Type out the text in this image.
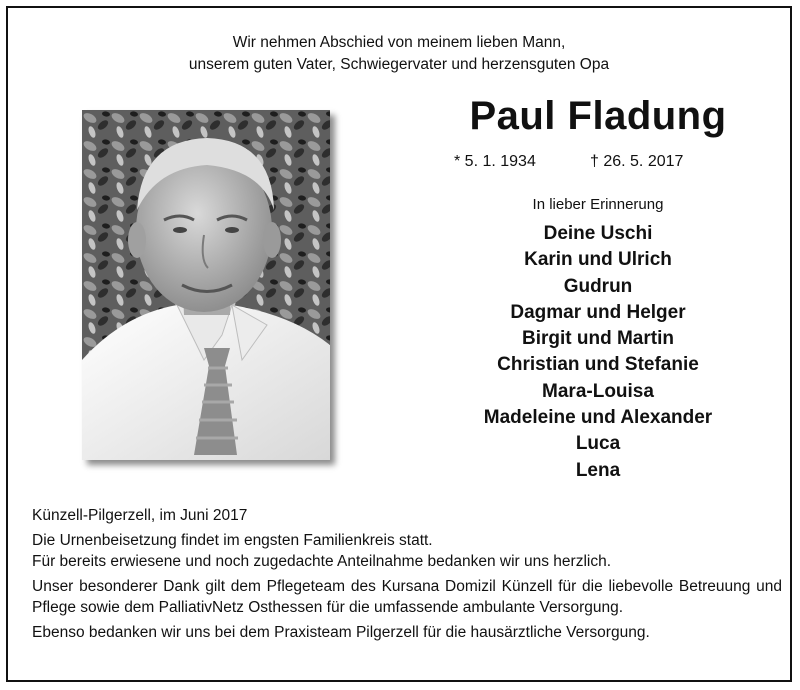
Wir nehmen Abschied von meinem lieben Mann,
unserem guten Vater, Schwiegervater und herzensguten Opa
Paul Fladung
* 5. 1. 1934	† 26. 5. 2017
In lieber Erinnerung
Deine Uschi
Karin und Ulrich
Gudrun
Dagmar und Helger
Birgit und Martin
Christian und Stefanie
Mara-Louisa
Madeleine und Alexander
Luca
Lena

Künzell-Pilgerzell, im Juni 2017

Die Urnenbeisetzung findet im engsten Familienkreis statt.

Für bereits erwiesene und noch zugedachte Anteilnahme bedanken wir uns herzlich.

Unser besonderer Dank gilt dem Pflegeteam des Kursana Domizil Künzell für die liebevolle Betreuung und Pflege sowie dem PalliativNetz Osthessen für die umfassende ambulante Versorgung.

Ebenso bedanken wir uns bei dem Praxisteam Pilgerzell für die hausärztliche Versorgung.
